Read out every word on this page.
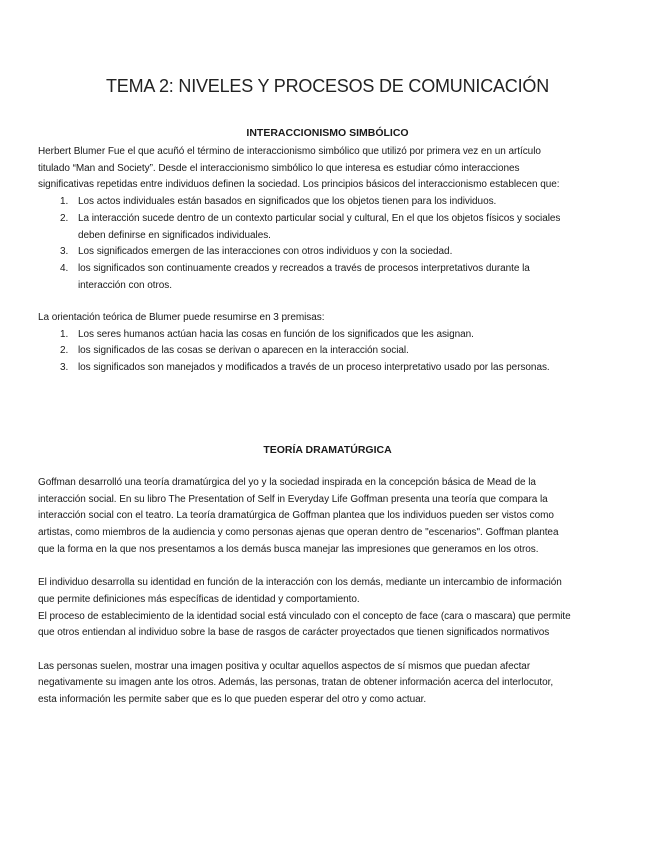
TEMA 2: NIVELES Y PROCESOS DE COMUNICACIÓN
INTERACCIONISMO SIMBÓLICO
TEORÍA DRAMATÚRGICA
Herbert Blumer Fue el que acuñó el término de interaccionismo simbólico que utilizó por primera vez en un artículo
titulado “Man and Society”. Desde el interaccionismo simbólico lo que interesa es estudiar cómo interacciones
significativas repetidas entre individuos definen la sociedad. Los principios básicos del interaccionismo establecen que:
1. Los actos individuales están basados en significados que los objetos tienen para los individuos.
2. La interacción sucede dentro de un contexto particular social y cultural, En el que los objetos físicos y sociales
deben definirse en significados individuales.
3. Los significados emergen de las interacciones con otros individuos y con la sociedad.
4. los significados son continuamente creados y recreados a través de procesos interpretativos durante la
interacción con otros.
La orientación teórica de Blumer puede resumirse en 3 premisas:
1. Los seres humanos actúan hacia las cosas en función de los significados que les asignan.
2. los significados de las cosas se derivan o aparecen en la interacción social.
3. los significados son manejados y modificados a través de un proceso interpretativo usado por las personas.
Goffman desarrolló una teoría dramatúrgica del yo y la sociedad inspirada en la concepción básica de Mead de la
interacción social. En su libro The Presentation of Self in Everyday Life Goffman presenta una teoría que compara la
interacción social con el teatro. La teoría dramatúrgica de Goffman plantea que los individuos pueden ser vistos como
artistas, como miembros de la audiencia y como personas ajenas que operan dentro de "escenarios". Goffman plantea
que la forma en la que nos presentamos a los demás busca manejar las impresiones que generamos en los otros.
El individuo desarrolla su identidad en función de la interacción con los demás, mediante un intercambio de información
que permite definiciones más específicas de identidad y comportamiento.
El proceso de establecimiento de la identidad social está vinculado con el concepto de face (cara o mascara) que permite
que otros entiendan al individuo sobre la base de rasgos de carácter proyectados que tienen significados normativos
Las personas suelen, mostrar una imagen positiva y ocultar aquellos aspectos de sí mismos que puedan afectar
negativamente su imagen ante los otros. Además, las personas, tratan de obtener información acerca del interlocutor,
esta información les permite saber que es lo que pueden esperar del otro y como actuar.
